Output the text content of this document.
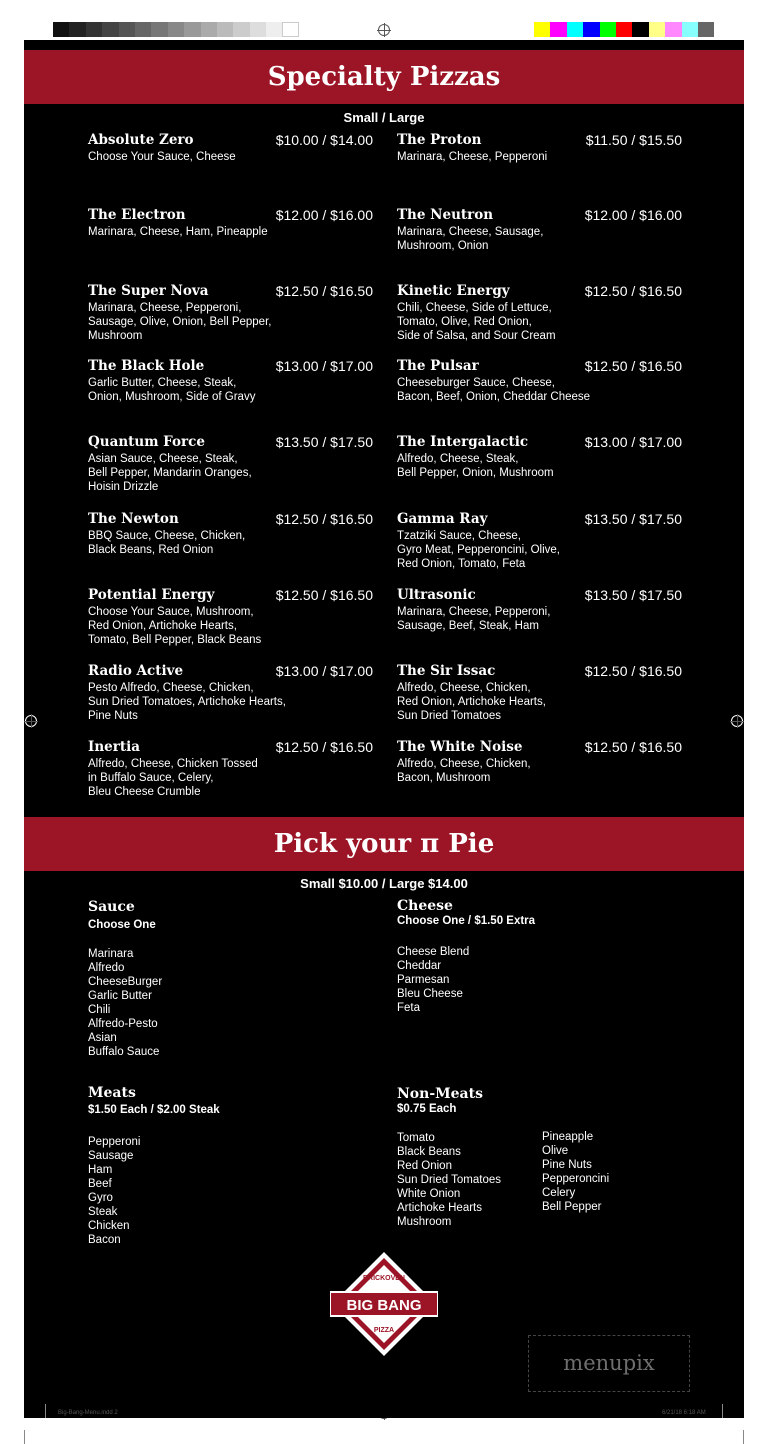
Specialty Pizzas
Small / Large
Absolute Zero	$10.00 / $14.00
Choose Your Sauce, Cheese
The Electron	$12.00 / $16.00
Marinara, Cheese, Ham, Pineapple
The Super Nova	$12.50 / $16.50
Marinara, Cheese, Pepperoni,
Sausage, Olive, Onion, Bell Pepper,
Mushroom
The Black Hole	$13.00 / $17.00
Garlic Butter, Cheese, Steak,
Onion, Mushroom, Side of Gravy
Quantum Force	$13.50 / $17.50
Asian Sauce, Cheese, Steak,
Bell Pepper, Mandarin Oranges,
Hoisin Drizzle
The Newton	$12.50 / $16.50
BBQ Sauce, Cheese, Chicken,
Black Beans, Red Onion
Potential Energy	$12.50 / $16.50
Choose Your Sauce, Mushroom,
Red Onion, Artichoke Hearts,
Tomato, Bell Pepper, Black Beans
Radio Active	$13.00 / $17.00
Pesto Alfredo, Cheese, Chicken,
Sun Dried Tomatoes, Artichoke Hearts,
Pine Nuts
Inertia	$12.50 / $16.50
Alfredo, Cheese, Chicken Tossed
in Buffalo Sauce, Celery,
Bleu Cheese Crumble
The Proton	$11.50 / $15.50
Marinara, Cheese, Pepperoni
The Neutron	$12.00 / $16.00
Marinara, Cheese, Sausage,
Mushroom, Onion
Kinetic Energy	$12.50 / $16.50
Chili, Cheese, Side of Lettuce,
Tomato, Olive, Red Onion,
Side of Salsa, and Sour Cream
The Pulsar	$12.50 / $16.50
Cheeseburger Sauce, Cheese,
Bacon, Beef, Onion, Cheddar Cheese
The Intergalactic	$13.00 / $17.00
Alfredo, Cheese, Steak,
Bell Pepper, Onion, Mushroom
Gamma Ray	$13.50 / $17.50
Tzatziki Sauce, Cheese,
Gyro Meat, Pepperoncini, Olive,
Red Onion, Tomato, Feta
Ultrasonic	$13.50 / $17.50
Marinara, Cheese, Pepperoni,
Sausage, Beef, Steak, Ham
The Sir Issac	$12.50 / $16.50
Alfredo, Cheese, Chicken,
Red Onion, Artichoke Hearts,
Sun Dried Tomatoes
The White Noise	$12.50 / $16.50
Alfredo, Cheese, Chicken,
Bacon, Mushroom
Pick your π Pie
Small $10.00 / Large $14.00
Sauce
Choose One
Marinara
Alfredo
CheeseBurger
Garlic Butter
Chili
Alfredo-Pesto
Asian
Buffalo Sauce
Cheese
Choose One / $1.50 Extra
Cheese Blend
Cheddar
Parmesan
Bleu Cheese
Feta
Meats
$1.50 Each / $2.00 Steak
Pepperoni
Sausage
Ham
Beef
Gyro
Steak
Chicken
Bacon
Non-Meats
$0.75 Each
Tomato
Black Beans
Red Onion
Sun Dried Tomatoes
White Onion
Artichoke Hearts
Mushroom
Pineapple
Olive
Pine Nuts
Pepperoncini
Celery
Bell Pepper
BRICKOVEN
BIG BANG
PIZZA
menupix
Big-Bang-Menu.indd 2	6/21/18 6:18 AM
